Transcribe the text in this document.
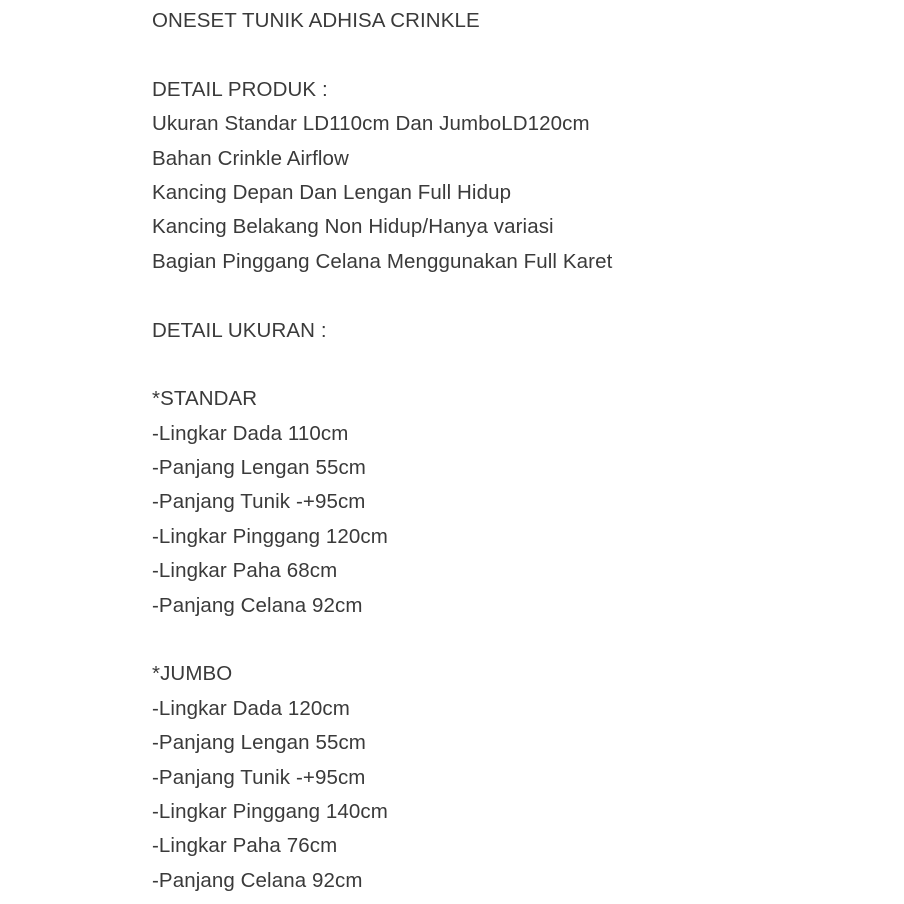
ONESET TUNIK ADHISA CRINKLE
DETAIL PRODUK :
Ukuran Standar LD110cm Dan JumboLD120cm
Bahan Crinkle Airflow
Kancing Depan Dan Lengan Full Hidup
Kancing Belakang Non Hidup/Hanya variasi
Bagian Pinggang Celana Menggunakan Full Karet
DETAIL UKURAN :
*STANDAR
-Lingkar Dada 110cm
-Panjang Lengan 55cm
-Panjang Tunik -+95cm
-Lingkar Pinggang 120cm
-Lingkar Paha 68cm
-Panjang Celana 92cm
*JUMBO
-Lingkar Dada 120cm
-Panjang Lengan 55cm
-Panjang Tunik -+95cm
-Lingkar Pinggang 140cm
-Lingkar Paha 76cm
-Panjang Celana 92cm
